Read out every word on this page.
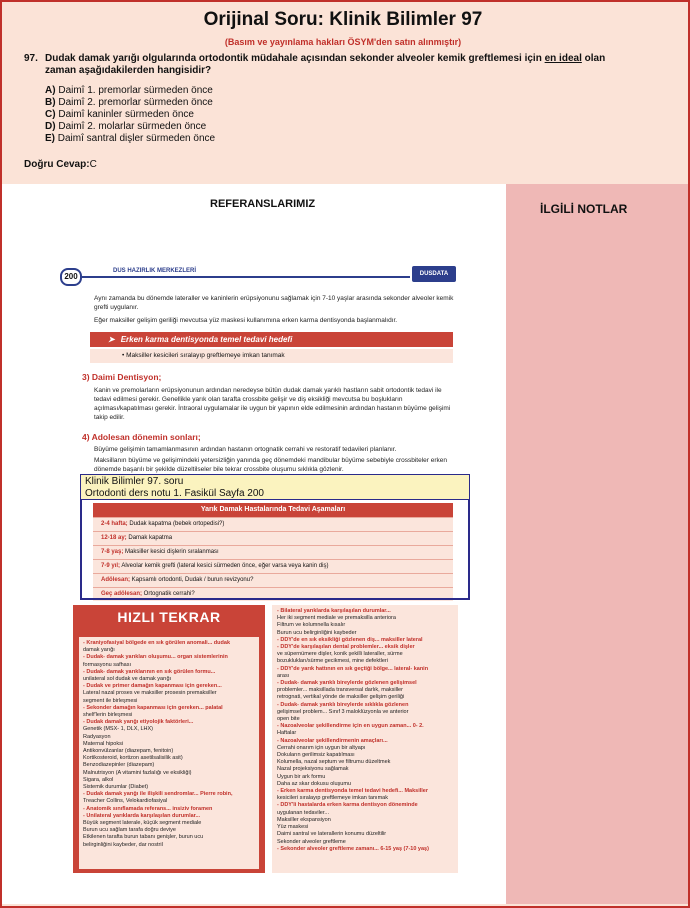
Orijinal Soru: Klinik Bilimler 97
(Basım ve yayınlama hakları ÖSYM'den satın alınmıştır)
97. Dudak damak yarığı olgularında ortodontik müdahale açısından sekonder alveoler kemik greftlemesi için en ideal olan zaman aşağıdakilerden hangisidir?
A) Daimî 1. premorlar sürmeden önce
B) Daimî 2. premorlar sürmeden önce
C) Daimî kaninler sürmeden önce
D) Daimî 2. molarlar sürmeden önce
E) Daimî santral dişler sürmeden önce
Doğru Cevap:C
REFERANSLARIMIZ	İLGİLİ NOTLAR
200
DUS HAZIRLIK MERKEZLERİ	DUSDATA
Aynı zamanda bu dönemde lateraller ve kaninlerin erüpsiyonunu sağlamak için 7-10 yaşlar arasında sekonder alveoler kemik grefti uygulanır.
Eğer maksiller gelişim geriliği mevcutsa yüz maskesi kullanımına erken karma dentisyonda başlanmalıdır.
➤ Erken karma dentisyonda temel tedavi hedefi
• Maksiller kesicileri sıralayıp greftlemeye imkan tanımak
3) Daimi Dentisyon;
Kanin ve premolarların erüpsiyonunun ardından neredeyse bütün dudak damak yarıklı hastların sabit ortodontik tedavi ile tedavi edilmesi gerekir. Genellikle yarık olan tarafta crossbite gelişir ve diş eksikliği mevcutsa bu boşlukların açılması/kapatılması gerekir. İntraoral uygulamalar ile uygun bir yapının elde edilmesinin ardından hastanın büyüme gelişimi takip edilir.
4) Adolesan dönemin sonları;
Büyüme gelişimin tamamlanmasının ardından hastanın ortognatik cerrahi ve restoratif tedavileri planlanır.
Maksillanın büyüme ve gelişimindeki yetersizliğin yanında geç dönemdeki mandibular büyüme sebebiyle crossbiteler erken dönemde başarılı bir şekilde düzeltilseler bile tekrar crossbite oluşumu sıklıkla gözlenir.
Yarık Damak Hastalarında Tedavi Aşamaları
2-4 hafta; Dudak kapatma (bebek ortopedisi?)
12-18 ay; Damak kapatma
7-8 yaş; Maksiller kesici dişlerin sıralanması
7-9 yıl; Alveolar kemik grefti (lateral kesici sürmeden önce, eğer varsa veya kanin diş)
Adölesan; Kapsamlı ortodonti, Dudak / burun revizyonu?
Geç adölesan; Ortognatik cerrahi?
Klinik Bilimler 97. soru
Ortodonti ders notu 1. Fasikül Sayfa 200
HIZLI TEKRAR
- Kraniyofasiyal bölgede en sık görülen anomali... dudak
damak yarığı
- Dudak- damak yarıkları oluşumu... organ sistemlerinin
formasyonu safhası
- Dudak- damak yarıklarının en sık görülen formu...
unilateral sol dudak ve damak yarığı
- Dudak ve primer damağın kapanması için gereken...
Lateral nazal proses ve maksiller prosesin premaksiller
segment ile birleşmesi
- Sekonder damağın kapanması için gereken... palatal
shelf'lerin birleşmesi
- Dudak damak yarığı etiyolojik faktörleri...
Genetik (MSX- 1, DLX, LHX)
Radyasyon
Maternal hipoksi
Antikonvülzanlar (diazepam, fenitoin)
Kortikosteroid, kortizon asetilsalisilik asit)
Benzodiazepinler (diazepam)
Malnutrisyon (A vitamini fazlalığı ve eksikliği)
Sigara, alkol
Sistemik durumlar (Diabet)
- Dudak damak yarığı ile ilişkili sendromlar... Pierre robin,
Treacher Collins, Velokardiofasiyal
- Anatomik sınıflamada referans... insiziv foramen
- Unilateral yarıklarda karşılaşılan durumlar...
Büyük segment laterale, küçük segment mediale
Burun ucu sağlam tarafa doğru deviye
Etkilenen tarafta burun tabanı genişler, burun ucu
belirginliğini kaybeder, dar nostril
- Bilateral yarıklarda karşılaşılan durumlar...
Her iki segment mediale ve premaksilla anteriora
Filtrum ve kolumnella kısalır
Burun ucu belirginliğini kaybeder
- DDY'de en sık eksikliği gözlenen diş... maksiller lateral
- DDY'de karşılaşılan dental problemler... eksik dişler
ve süpernümere dişler, konik şekilli lateraller, sürme
bozuklukları/sürme gecikmesi, mine defektleri
- DDY'de yarık hattının en sık geçtiği bölge... lateral- kanin
arası
- Dudak- damak yarıklı bireylerde gözlenen gelişimsel
problemler... maksillada transversal darlık, maksiller
retrognati, vertikal yönde de maksiller gelişim geriliği
- Dudak- damak yarıklı bireylerde sıklıkla gözlenen
gelişimsel problem... Sınıf 3 maloklüzyonla ve anterior
open bite
- Nazoalveolar şekillendirme için en uygun zaman... 0- 2.
Haftalar
- Nazoalveolar şekillendirmenin amaçları...
Cerrahi onarım için uygun bir altyapı
Dokuların gerilimsiz kapatılması
Kolumella, nazal septum ve filtrumu düzeltmek
Nazal projeksiyonu sağlamak
Uygun bir ark formu
Daha az skar dokusu oluşumu
- Erken karma dentisyonda temel tedavi hedefi... Maksiller
kesicileri sıralayıp greftlemeye imkan tanımak
- DDY'li hastalarda erken karma dentisyon döneminde
uygulanan tedaviler...
Maksiller ekspansiyon
Yüz maskesi
Daimi santral ve laterallerin konumu düzeltilir
Sekonder alveoler greftleme
- Sekonder alveoler greftleme zamanı... 6-15 yaş (7-10 yaş)
